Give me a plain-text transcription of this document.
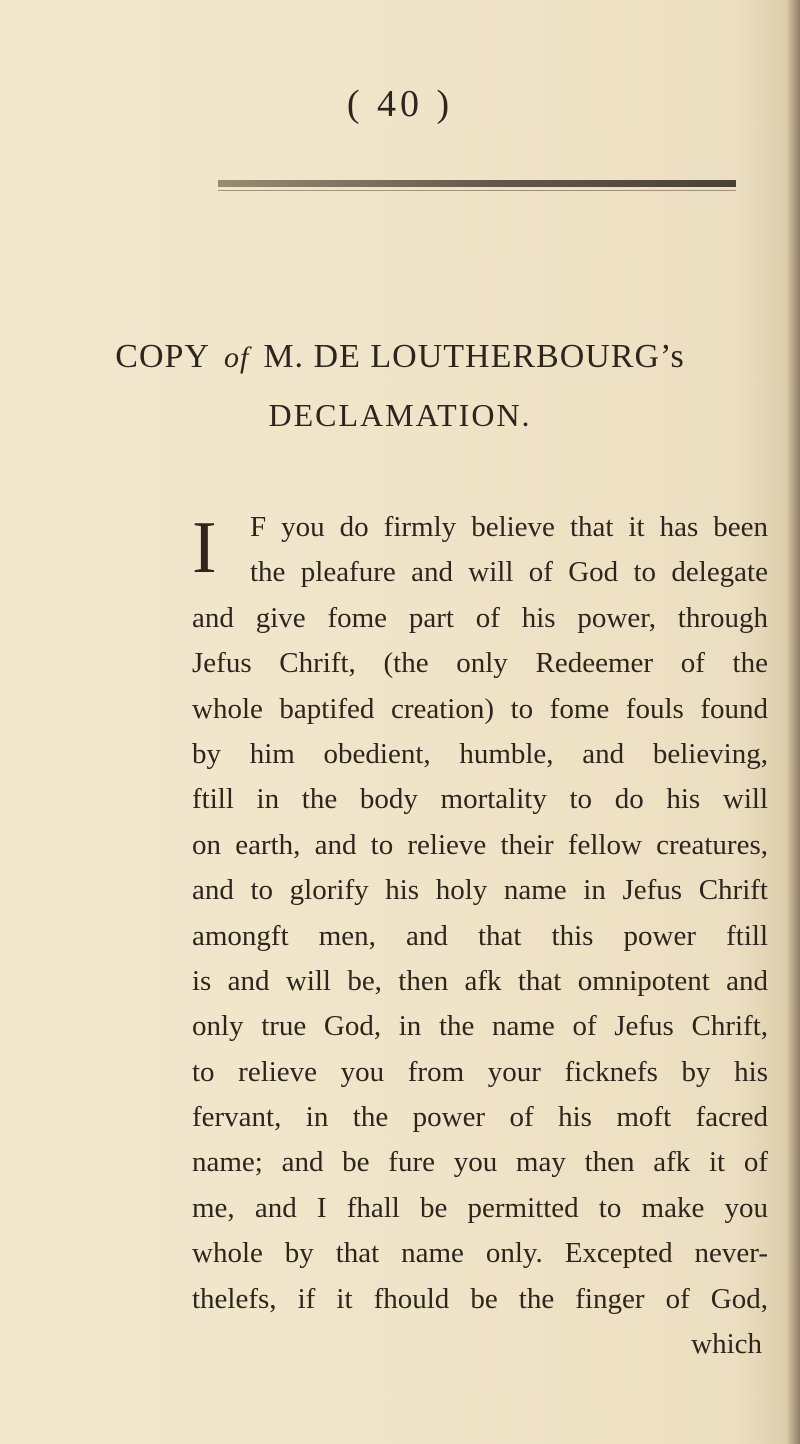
( 40 )
COPY of M. DE LOUTHERBOURG’s
DECLAMATION.
I F you do firmly believe that it has been
the pleafure and will of God to delegate
and give fome part of his power, through
Jefus Chrift, (the only Redeemer of the
whole baptifed creation) to fome fouls found
by him obedient, humble, and believing,
ftill in the body mortality to do his will
on earth, and to relieve their fellow creatures,
and to glorify his holy name in Jefus Chrift
amongft men, and that this power ftill
is and will be, then afk that omnipotent and
only true God, in the name of Jefus Chrift,
to relieve you from your ficknefs by his
fervant, in the power of his moft facred
name; and be fure you may then afk it of
me, and I fhall be permitted to make you
whole by that name only. Excepted never-
thelefs, if it fhould be the finger of God,
which
